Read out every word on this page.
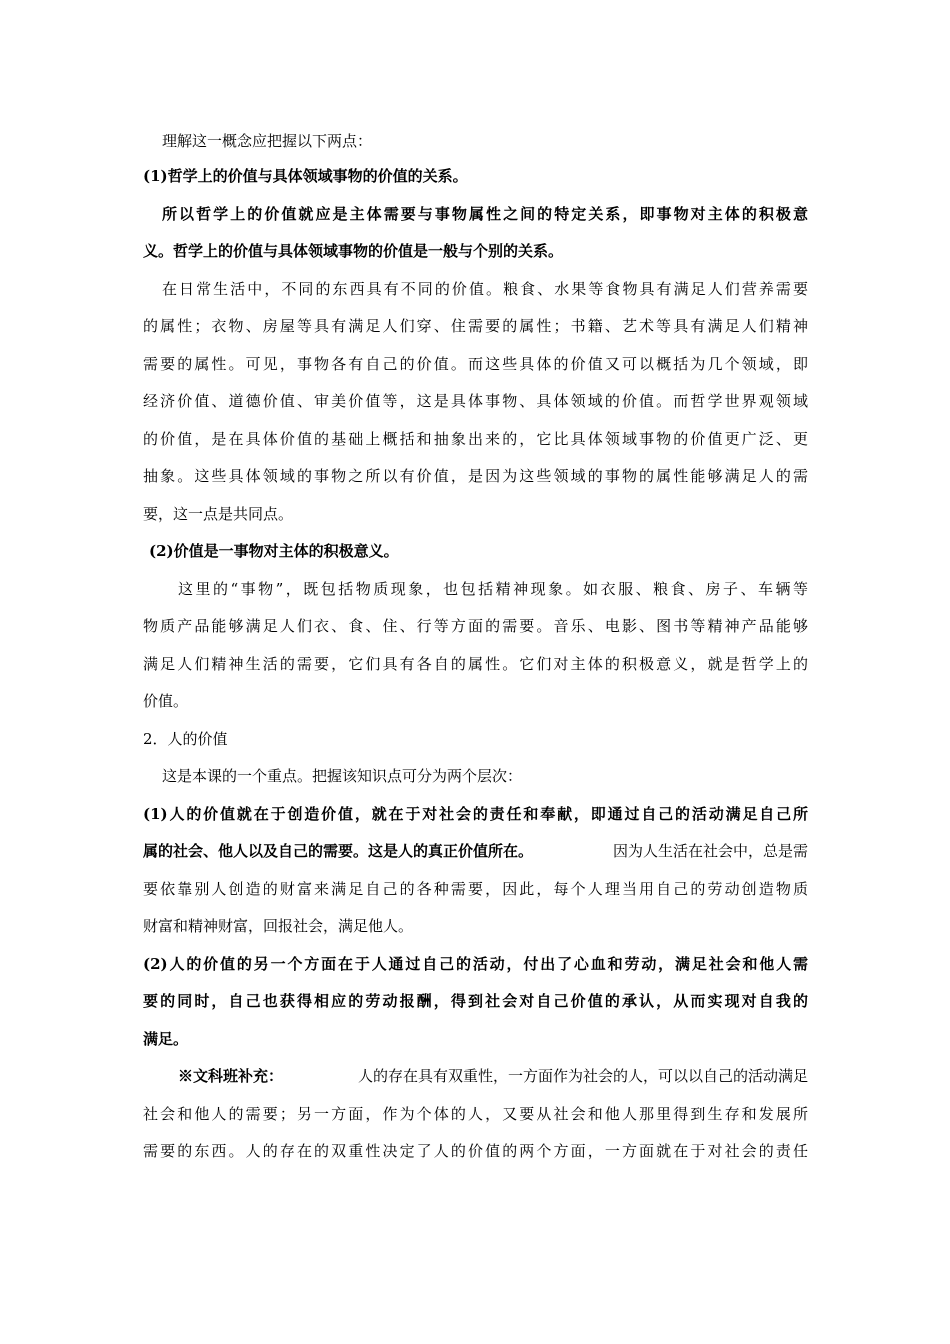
理解这一概念应把握以下两点：
(1)哲学上的价值与具体领域事物的价值的关系。
所以哲学上的价值就应是主体需要与事物属性之间的特定关系，即事物对主体的积极意
义。哲学上的价值与具体领域事物的价值是一般与个别的关系。
在日常生活中，不同的东西具有不同的价值。粮食、水果等食物具有满足人们营养需要
的属性；衣物、房屋等具有满足人们穿、住需要的属性；书籍、艺术等具有满足人们精神
需要的属性。可见，事物各有自己的价值。而这些具体的价值又可以概括为几个领域，即
经济价值、道德价值、审美价值等，这是具体事物、具体领域的价值。而哲学世界观领域
的价值，是在具体价值的基础上概括和抽象出来的，它比具体领域事物的价值更广泛、更
抽象。这些具体领域的事物之所以有价值，是因为这些领域的事物的属性能够满足人的需
要，这一点是共同点。
(2)价值是一事物对主体的积极意义。
这里的“事物”，既包括物质现象，也包括精神现象。如衣服、粮食、房子、车辆等
物质产品能够满足人们衣、食、住、行等方面的需要。音乐、电影、图书等精神产品能够
满足人们精神生活的需要，它们具有各自的属性。它们对主体的积极意义，就是哲学上的
价值。
2．人的价值
这是本课的一个重点。把握该知识点可分为两个层次：
(1)人的价值就在于创造价值，就在于对社会的责任和奉献，即通过自己的活动满足自己所
属的社会、他人以及自己的需要。这是人的真正价值所在。	因为人生活在社会中，总是需
要依靠别人创造的财富来满足自己的各种需要，因此，每个人理当用自己的劳动创造物质
财富和精神财富，回报社会，满足他人。
(2)人的价值的另一个方面在于人通过自己的活动，付出了心血和劳动，满足社会和他人需
要的同时，自己也获得相应的劳动报酬，得到社会对自己价值的承认，从而实现对自我的
满足。
※文科班补充：	人的存在具有双重性，一方面作为社会的人，可以以自己的活动满足
社会和他人的需要；另一方面，作为个体的人，又要从社会和他人那里得到生存和发展所
需要的东西。人的存在的双重性决定了人的价值的两个方面，一方面就在于对社会的责任
